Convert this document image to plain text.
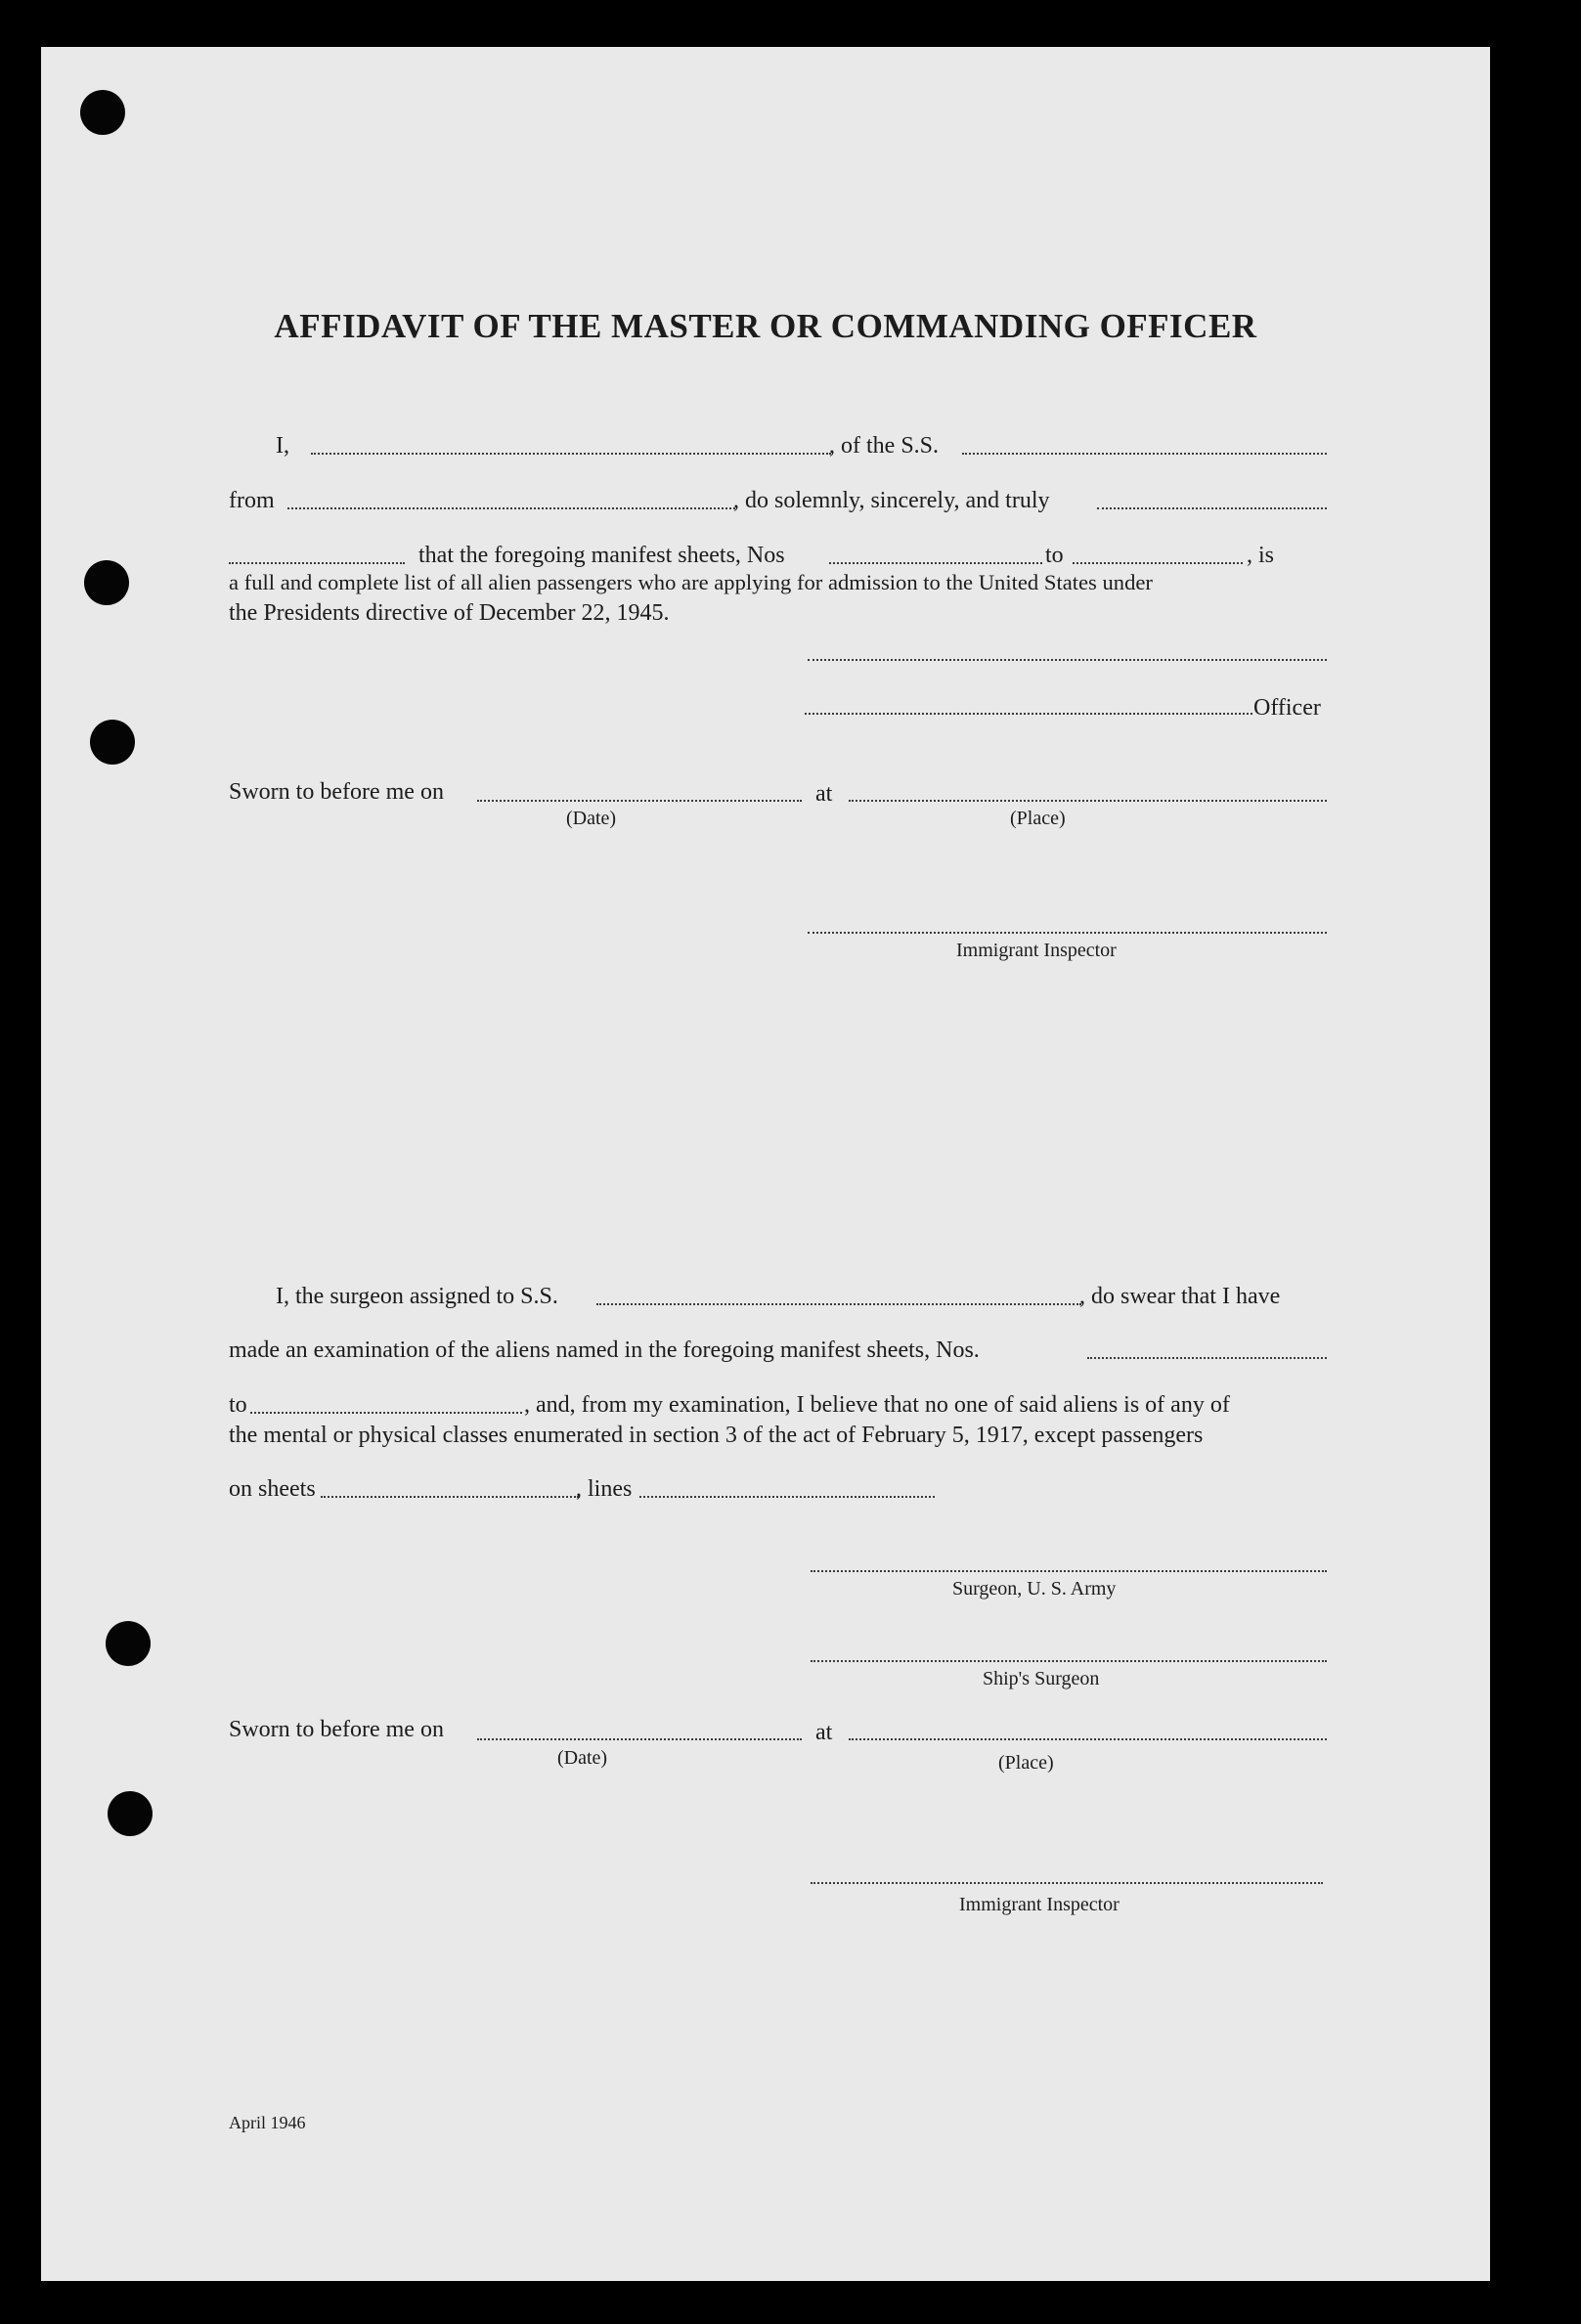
AFFIDAVIT OF THE MASTER OR COMMANDING OFFICER
I,	, of the S.S.
from	, do solemnly, sincerely, and truly
that the foregoing manifest sheets, Nos	to	, is
a full and complete list of all alien passengers who are applying for admission to the United States under
the Presidents directive of December 22, 1945.
Officer
Sworn to before me on	at
(Date)	(Place)
Immigrant Inspector
I, the surgeon assigned to S.S.	, do swear that I have
made an examination of the aliens named in the foregoing manifest sheets, Nos.
to	, and, from my examination, I believe that no one of said aliens is of any of
the mental or physical classes enumerated in section 3 of the act of February 5, 1917, except passengers
on sheets	, lines
Surgeon, U. S. Army
Ship's Surgeon
Sworn to before me on	at
(Date)	(Place)
Immigrant Inspector
April 1946
